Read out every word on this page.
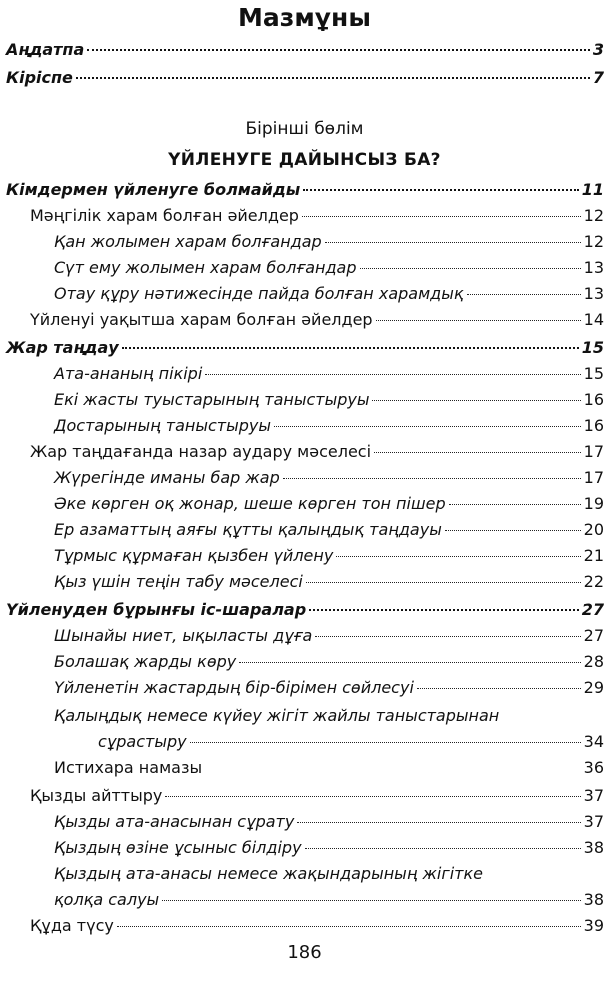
Мазмұны
Аңдатпа	3
Кіріспе	7
Бірінші бөлім
ҮЙЛЕНУГЕ ДАЙЫНСЫЗ БА?
Кімдермен үйленуге болмайды	11
Мәңгілік харам болған әйелдер	12
Қан жолымен харам болғандар	12
Сүт ему жолымен харам болғандар	13
Отау құру нәтижесінде пайда болған харамдық	13
Үйленуі уақытша харам болған әйелдер	14
Жар таңдау	15
Ата-ананың пікірі	15
Екі жасты туыстарының таныстыруы	16
Достарының таныстыруы	16
Жар таңдағанда назар аудару мәселесі	17
Жүрегінде иманы бар жар	17
Әке көрген оқ жонар, шеше көрген тон пішер	19
Ер азаматтың аяғы құтты қалыңдық таңдауы	20
Тұрмыс құрмаған қызбен үйлену	21
Қыз үшін теңін табу мәселесі	22
Үйленуден бұрынғы іс-шаралар	27
Шынайы ниет, ықыласты дұға	27
Болашақ жарды көру	28
Үйленетін жастардың бір-бірімен сөйлесуі	29
Қалыңдық немесе күйеу жігіт жайлы таныстарынан
сұрастыру	34
Истихара намазы	36
Қызды айттыру	37
Қызды ата-анасынан сұрату	37
Қыздың өзіне ұсыныс білдіру	38
Қыздың ата-анасы немесе жақындарының жігітке
қолқа салуы	38
Құда түсу	39
186
